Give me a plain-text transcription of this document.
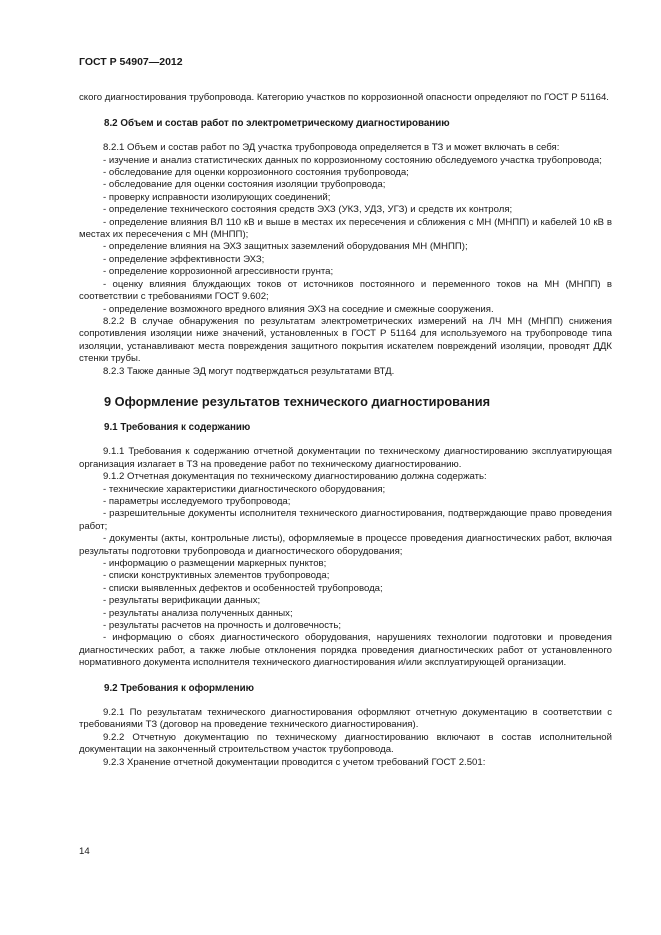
ГОСТ Р 54907—2012

ского диагностирования трубопровода. Категорию участков по коррозионной опасности определяют по ГОСТ Р 51164.

8.2 Объем и состав работ по электрометрическому диагностированию

8.2.1 Объем и состав работ по ЭД участка трубопровода определяется в ТЗ и может включать в себя:

- изучение и анализ статистических данных по коррозионному состоянию обследуемого участка трубопровода;

- обследование для оценки коррозионного состояния трубопровода;

- обследование для оценки состояния изоляции трубопровода;

- проверку исправности изолирующих соединений;

- определение технического состояния средств ЭХЗ (УКЗ, УДЗ, УГЗ) и средств их контроля;

- определение влияния ВЛ 110 кВ и выше в местах их пересечения и сближения с МН (МНПП) и кабелей 10 кВ в местах их пересечения с МН (МНПП);

- определение влияния на ЭХЗ защитных заземлений оборудования МН (МНПП);

- определение эффективности ЭХЗ;

- определение коррозионной агрессивности грунта;

- оценку влияния блуждающих токов от источников постоянного и переменного токов на МН (МНПП) в соответствии с требованиями ГОСТ 9.602;

- определение возможного вредного влияния ЭХЗ на соседние и смежные сооружения.

8.2.2 В случае обнаружения по результатам электрометрических измерений на ЛЧ МН (МНПП) снижения сопротивления изоляции ниже значений, установленных в ГОСТ Р 51164 для используемого на трубопроводе типа изоляции, устанавливают места повреждения защитного покрытия искателем повреждений изоляции, проводят ДДК стенки трубы.

8.2.3 Также данные ЭД могут подтверждаться результатами ВТД.

9 Оформление результатов технического диагностирования
9.1 Требования к содержанию

9.1.1 Требования к содержанию отчетной документации по техническому диагностированию эксплуатирующая организация излагает в ТЗ на проведение работ по техническому диагностированию.

9.1.2 Отчетная документация по техническому диагностированию должна содержать:

- технические характеристики диагностического оборудования;

- параметры исследуемого трубопровода;

- разрешительные документы исполнителя технического диагностирования, подтверждающие право проведения работ;

- документы (акты, контрольные листы), оформляемые в процессе проведения диагностических работ, включая результаты подготовки трубопровода и диагностического оборудования;

- информацию о размещении маркерных пунктов;

- списки конструктивных элементов трубопровода;

- списки выявленных дефектов и особенностей трубопровода;

- результаты верификации данных;

- результаты анализа полученных данных;

- результаты расчетов на прочность и долговечность;

- информацию о сбоях диагностического оборудования, нарушениях технологии подготовки и проведения диагностических работ, а также любые отклонения порядка проведения диагностических работ от установленного нормативного документа исполнителя технического диагностирования и/или эксплуатирующей организации.

9.2 Требования к оформлению

9.2.1 По результатам технического диагностирования оформляют отчетную документацию в соответствии с требованиями ТЗ (договор на проведение технического диагностирования).

9.2.2 Отчетную документацию по техническому диагностированию включают в состав исполнительной документации на законченный строительством участок трубопровода.

9.2.3 Хранение отчетной документации проводится с учетом требований ГОСТ 2.501:

14
